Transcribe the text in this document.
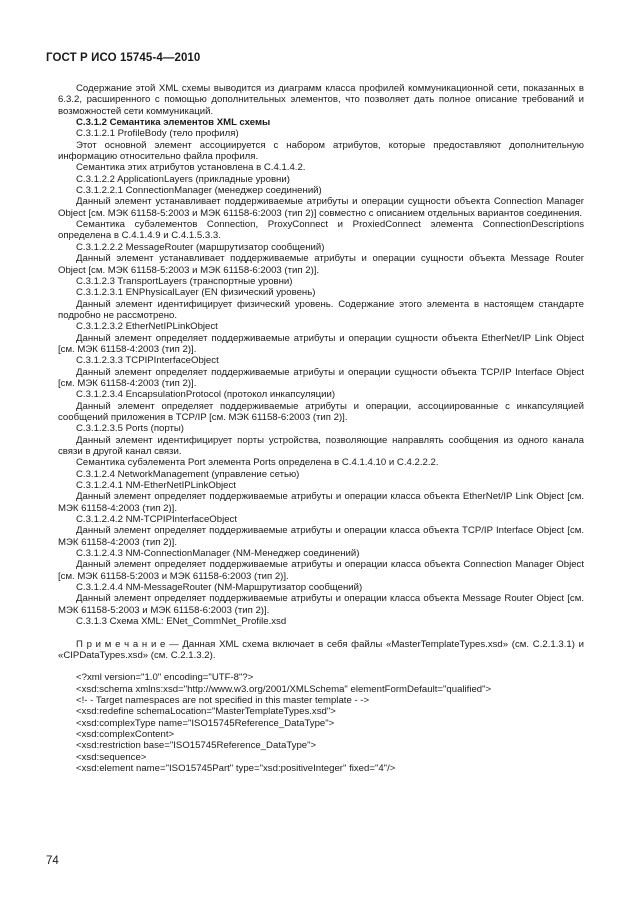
ГОСТ Р ИСО 15745-4—2010

Содержание этой XML схемы выводится из диаграмм класса профилей коммуникационной сети, показанных в 6.3.2, расширенного с помощью дополнительных элементов, что позволяет дать полное описание требований и возможностей сети коммуникаций.

C.3.1.2 Семантика элементов XML схемы

C.3.1.2.1 ProfileBody (тело профиля)

Этот основной элемент ассоциируется с набором атрибутов, которые предоставляют дополнительную информацию относительно файла профиля.

Семантика этих атрибутов установлена в C.4.1.4.2.

C.3.1.2.2 ApplicationLayers (прикладные уровни)

C.3.1.2.2.1 ConnectionManager (менеджер соединений)

Данный элемент устанавливает поддерживаемые атрибуты и операции сущности объекта Connection Manager Object [см. МЭК 61158-5:2003 и МЭК 61158-6:2003 (тип 2)] совместно с описанием отдельных вариантов соединения.

Семантика субэлементов Connection, ProxyConnect и ProxiedConnect элемента ConnectionDescriptions определена в C.4.1.4.9 и C.4.1.5.3.3.

C.3.1.2.2.2 MessageRouter (маршрутизатор сообщений)

Данный элемент устанавливает поддерживаемые атрибуты и операции сущности объекта Message Router Object [см. МЭК 61158-5:2003 и МЭК 61158-6:2003 (тип 2)].

C.3.1.2.3 TransportLayers (транспортные уровни)

C.3.1.2.3.1 ENPhysicalLayer (EN физический уровень)

Данный элемент идентифицирует физический уровень. Содержание этого элемента в настоящем стандарте подробно не рассмотрено.

C.3.1.2.3.2 EtherNetIPLinkObject

Данный элемент определяет поддерживаемые атрибуты и операции сущности объекта EtherNet/IP Link Object [см. МЭК 61158-4:2003 (тип 2)].

C.3.1.2.3.3 TCPIPInterfaceObject

Данный элемент определяет поддерживаемые атрибуты и операции сущности объекта TCP/IP Interface Object [см. МЭК 61158-4:2003 (тип 2)].

C.3.1.2.3.4 EncapsulationProtocol (протокол инкапсуляции)

Данный элемент определяет поддерживаемые атрибуты и операции, ассоциированные с инкапсуляцией сообщений приложения в TCP/IP [см. МЭК 61158-6:2003 (тип 2)].

C.3.1.2.3.5 Ports (порты)

Данный элемент идентифицирует порты устройства, позволяющие направлять сообщения из одного канала связи в другой канал связи.

Семантика субэлемента Port элемента Ports определена в C.4.1.4.10 и C.4.2.2.2.

C.3.1.2.4 NetworkManagement (управление сетью)

C.3.1.2.4.1 NM-EtherNetIPLinkObject

Данный элемент определяет поддерживаемые атрибуты и операции класса объекта EtherNet/IP Link Object [см. МЭК 61158-4:2003 (тип 2)].

C.3.1.2.4.2 NM-TCPIPInterfaceObject

Данный элемент определяет поддерживаемые атрибуты и операции класса объекта TCP/IP Interface Object [см. МЭК 61158-4:2003 (тип 2)].

C.3.1.2.4.3 NM-ConnectionManager (NM-Менеджер соединений)

Данный элемент определяет поддерживаемые атрибуты и операции класса объекта Connection Manager Object [см. МЭК 61158-5:2003 и МЭК 61158-6:2003 (тип 2)].

C.3.1.2.4.4 NM-MessageRouter (NM-Маршрутизатор сообщений)

Данный элемент определяет поддерживаемые атрибуты и операции класса объекта Message Router Object [см. МЭК 61158-5:2003 и МЭК 61158-6:2003 (тип 2)].

C.3.1.3 Схема XML: ENet_CommNet_Profile.xsd

П р и м е ч а н и е — Данная XML схема включает в себя файлы «MasterTemplateTypes.xsd» (см. C.2.1.3.1) и «CIPDataTypes.xsd» (см. C.2.1.3.2).

<?xml version="1.0" encoding="UTF-8"?>
<xsd:schema xmlns:xsd="http://www.w3.org/2001/XMLSchema" elementFormDefault="qualified">
<!- - Target namespaces are not specified in this master template - ->
<xsd:redefine schemaLocation="MasterTemplateTypes.xsd">
<xsd:complexType name="ISO15745Reference_DataType">
<xsd:complexContent>
<xsd:restriction base="ISO15745Reference_DataType">
<xsd:sequence>
<xsd:element name="ISO15745Part" type="xsd:positiveInteger" fixed="4"/>
74
